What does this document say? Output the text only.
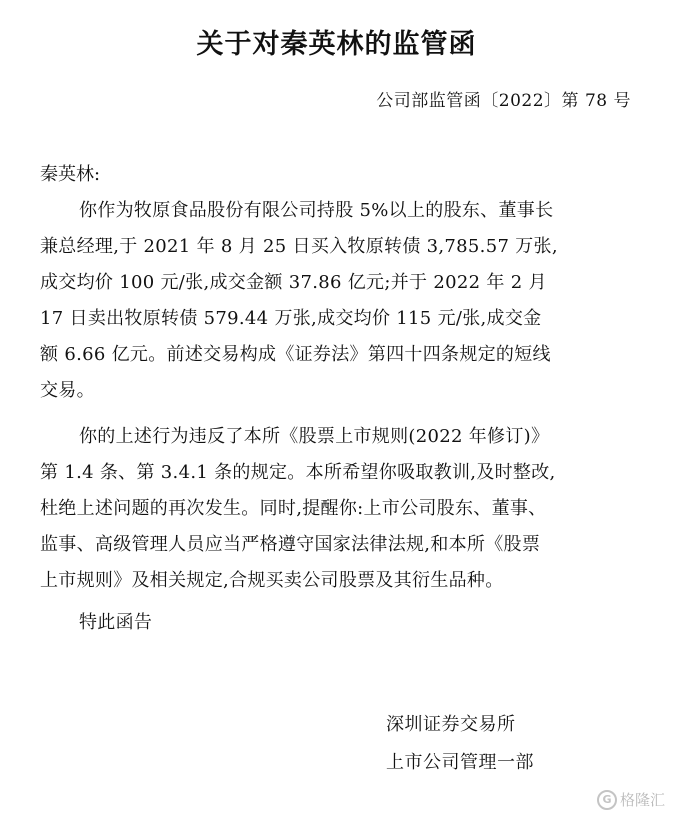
关于对秦英林的监管函
公司部监管函〔2022〕第 78 号
秦英林:
你作为牧原食品股份有限公司持股 5%以上的股东、董事长
兼总经理,于 2021 年 8 月 25 日买入牧原转债 3,785.57 万张,
成交均价 100 元/张,成交金额 37.86 亿元;并于 2022 年 2 月
17 日卖出牧原转债 579.44 万张,成交均价 115 元/张,成交金
额 6.66 亿元。前述交易构成《证券法》第四十四条规定的短线
交易。
你的上述行为违反了本所《股票上市规则(2022 年修订)》
第 1.4 条、第 3.4.1 条的规定。本所希望你吸取教训,及时整改,
杜绝上述问题的再次发生。同时,提醒你:上市公司股东、董事、
监事、高级管理人员应当严格遵守国家法律法规,和本所《股票
上市规则》及相关规定,合规买卖公司股票及其衍生品种。
特此函告
深圳证券交易所
上市公司管理一部
G 格隆汇
